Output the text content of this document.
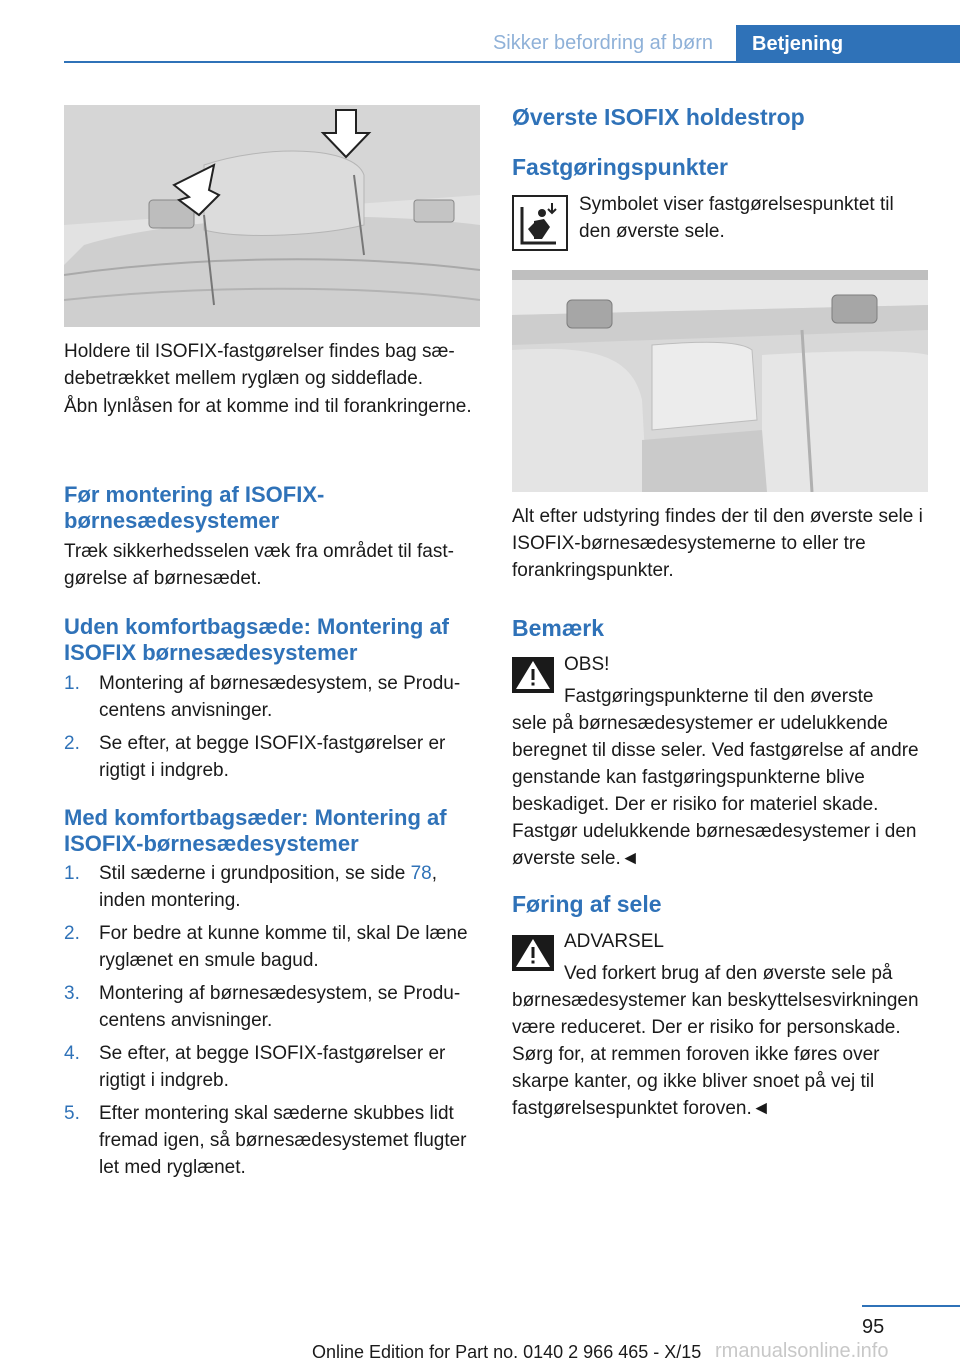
Sikker befordring af børn	Betjening
Holdere til ISOFIX-fastgørelser findes bag sædebetrækket mellem ryglæn og siddeflade.
Åbn lynlåsen for at komme ind til forankringerne.
Før montering af ISOFIX-børnesædesystemer
Træk sikkerhedsselen væk fra området til fastgørelse af børnesædet.
Uden komfortbagsæde: Montering af ISOFIX børnesædesystemer
1.	Montering af børnesædesystem, se Producentens anvisninger.
2.	Se efter, at begge ISOFIX-fastgørelser er rigtigt i indgreb.
Med komfortbagsæder: Montering af ISOFIX-børnesædesystemer
1.	Stil sæderne i grundposition, se side 78, inden montering.
2.	For bedre at kunne komme til, skal De læne ryglænet en smule bagud.
3.	Montering af børnesædesystem, se Producentens anvisninger.
4.	Se efter, at begge ISOFIX-fastgørelser er rigtigt i indgreb.
5.	Efter montering skal sæderne skubbes lidt fremad igen, så børnesædesystemet flugter let med ryglænet.
Øverste ISOFIX holdestrop
Fastgøringspunkter
Symbolet viser fastgørelsespunktet til den øverste sele.
Alt efter udstyring findes der til den øverste sele i ISOFIX-børnesædesystemerne to eller tre forankringspunkter.
Bemærk
OBS!
Fastgøringspunkterne til den øverste
sele på børnesædesystemer er udelukkende beregnet til disse seler. Ved fastgørelse af andre genstande kan fastgøringspunkterne blive beskadiget. Der er risiko for materiel skade. Fastgør udelukkende børnesædesystemer i den øverste sele.◄
Føring af sele
ADVARSEL
Ved forkert brug af den øverste sele på
børnesædesystemer kan beskyttelsesvirkningen være reduceret. Der er risiko for personskade. Sørg for, at remmen foroven ikke føres over skarpe kanter, og ikke bliver snoet på vej til fastgørelsespunktet foroven.◄
95
Online Edition for Part no. 0140 2 966 465 - X/15 rmanualsonline.info
